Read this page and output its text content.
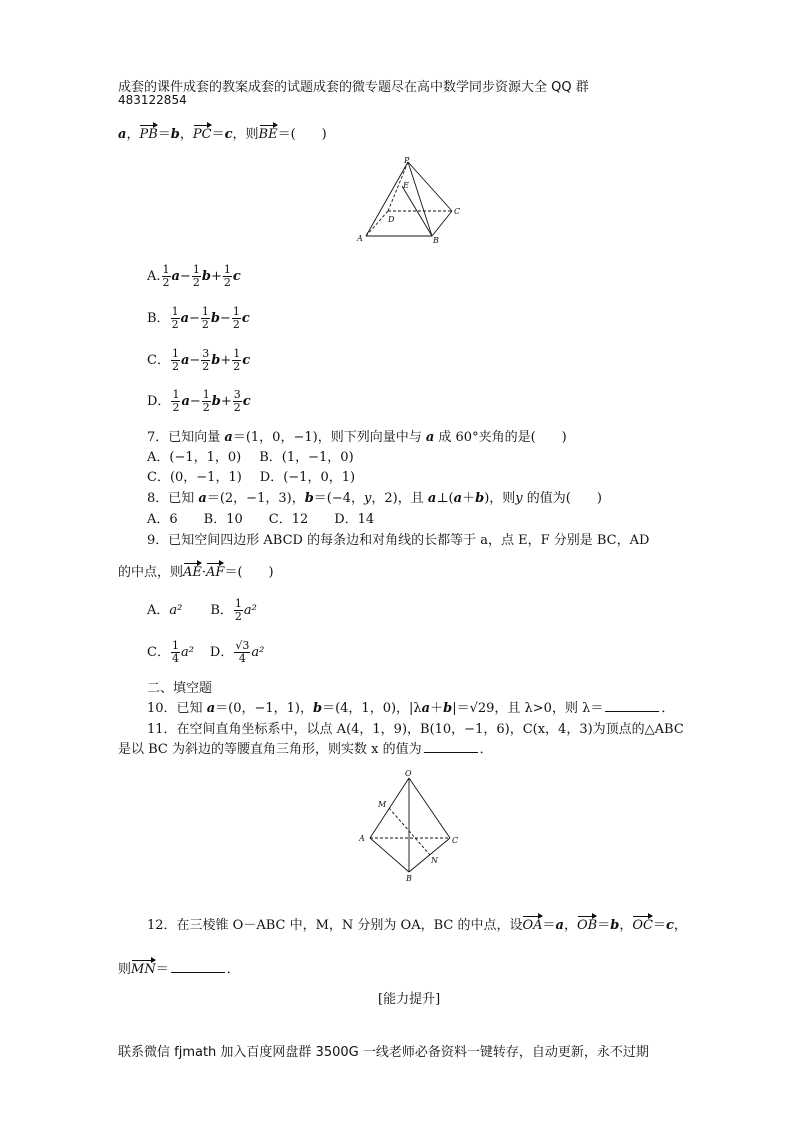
成套的课件成套的教案成套的试题成套的微专题尽在高中数学同步资源大全 QQ 群
483122854
a，PB＝b，PC＝c，则BE＝(　　)
P
E
D
C
A	B
A. $\frac{1}{2} a- \frac{1}{2} b+ \frac{1}{2}$ c
B． $\frac{1}{2} a- \frac{1}{2} b- \frac{1}{2}$ c
C． $\frac{1}{2} a- \frac{3}{2} b+ \frac{1}{2}$ c
D． $\frac{1}{2} a- \frac{1}{2} b+ \frac{3}{2}$ c
7．已知向量 a＝(1，0，−1)，则下列向量中与 a 成 60°夹角的是(　　)
A．(−1，1，0) B．(1，−1，0)
C．(0，−1，1) D．(−1，0，1)
8．已知 a＝(2，−1，3)，b＝(−4，y，2)，且 a⊥(a＋b)，则y 的值为(　　)
A．6　　B．10　　C．12　　D．14
9．已知空间四边形 ABCD 的每条边和对角线的长都等于 a，点 E，F 分别是 BC，AD
的中点，则AE·AF＝(　　)
A．a² B． $\frac{1}{2} a^2$
C． $\frac{1}{4} a^2$ D． $\frac{√3}{4} a^2$
二、填空题
10．已知 a＝(0，−1，1)，b＝(4，1，0)，|λa＋b|＝√29，且 λ>0，则 λ＝	．
11．在空间直角坐标系中，以点 A(4，1，9)，B(10，−1，6)，C(x，4，3)为顶点的△ABC
是以 BC 为斜边的等腰直角三角形，则实数 x 的值为	．
O
M
A	C
N
B
12．在三棱锥 O－ABC 中，M，N 分别为 OA，BC 的中点，设OA＝a，OB＝b，OC＝c，
则MN＝	．
[能力提升]
联系微信 fjmath 加入百度网盘群 3500G 一线老师必备资料一键转存，自动更新，永不过期
